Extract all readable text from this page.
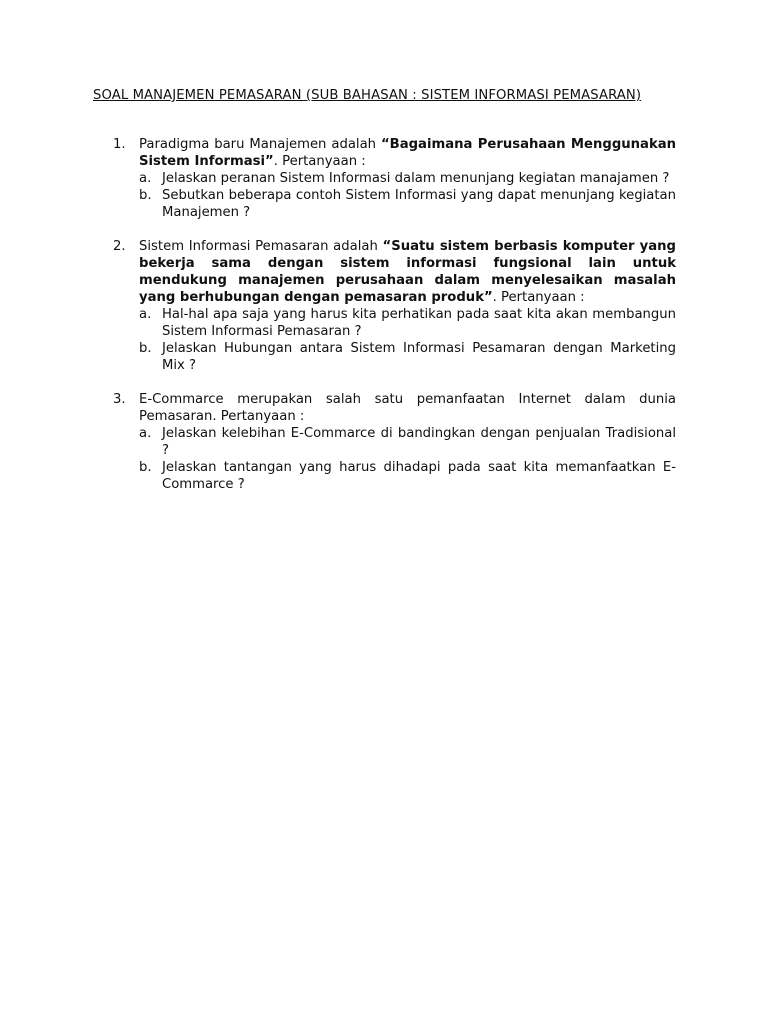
SOAL MANAJEMEN PEMASARAN (SUB BAHASAN : SISTEM INFORMASI PEMASARAN)
1. Paradigma baru Manajemen adalah “Bagaimana Perusahaan Menggunakan Sistem Informasi”. Pertanyaan :
a. Jelaskan peranan Sistem Informasi dalam menunjang kegiatan manajamen ?
b. Sebutkan beberapa contoh Sistem Informasi yang dapat menunjang kegiatan Manajemen ?
2. Sistem Informasi Pemasaran adalah “Suatu sistem berbasis komputer yang bekerja sama dengan sistem informasi fungsional lain untuk mendukung manajemen perusahaan dalam menyelesaikan masalah yang berhubungan dengan pemasaran produk”. Pertanyaan :
a. Hal-hal apa saja yang harus kita perhatikan pada saat kita akan membangun Sistem Informasi Pemasaran ?
b. Jelaskan Hubungan antara Sistem Informasi Pesamaran dengan Marketing Mix ?
3. E-Commarce merupakan salah satu pemanfaatan Internet dalam dunia Pemasaran. Pertanyaan :
a. Jelaskan kelebihan E-Commarce di bandingkan dengan penjualan Tradisional ?
b. Jelaskan tantangan yang harus dihadapi pada saat kita memanfaatkan E-Commarce ?
